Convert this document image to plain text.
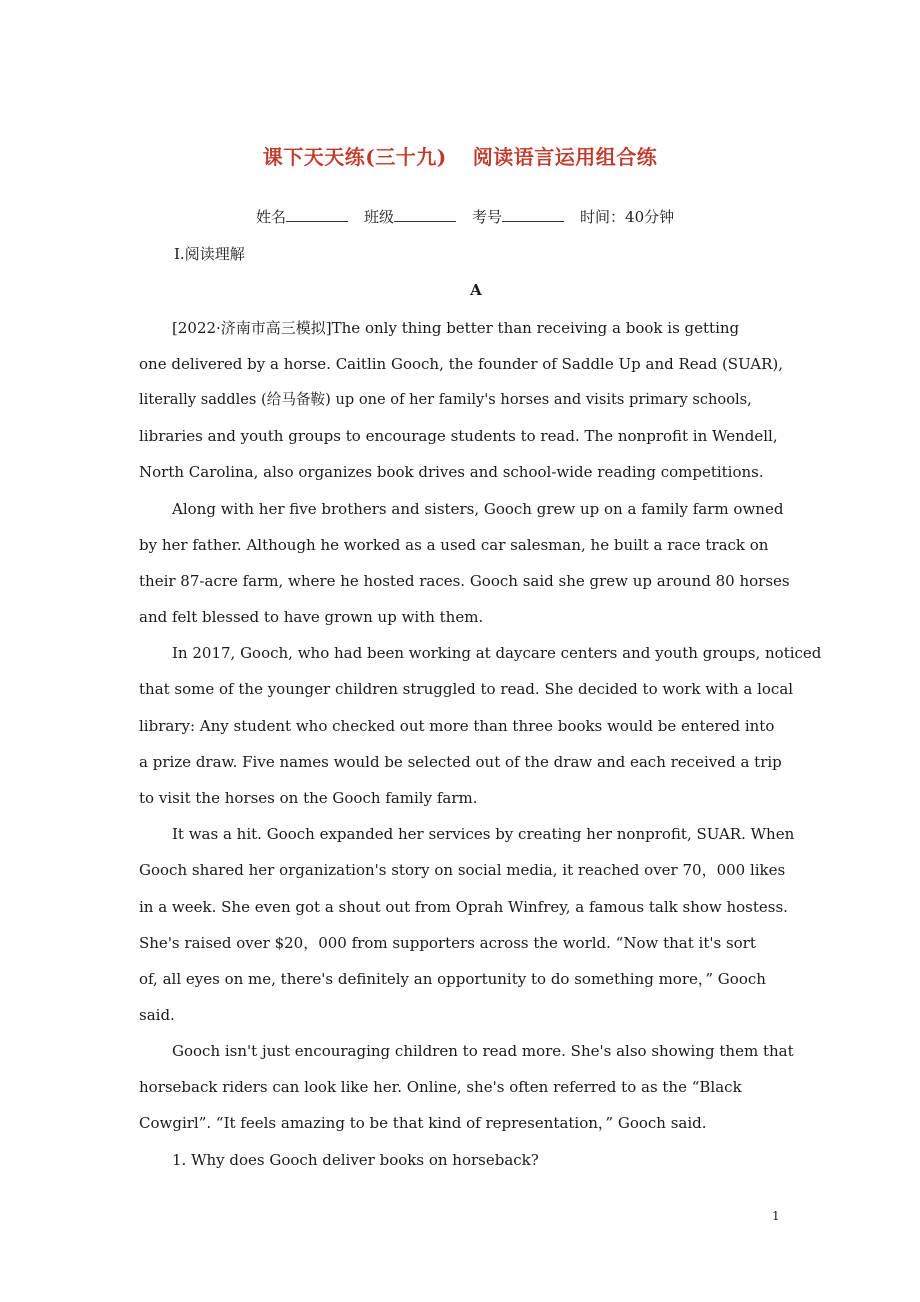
课下天天练(三十九) 阅读语言运用组合练
姓名	班级	考号	时间：40分钟
Ⅰ.阅读理解
A
[2022·济南市高三模拟]The only thing better than receiving a book is getting
one delivered by a horse. Caitlin Gooch, the founder of Saddle Up and Read (SUAR),
literally saddles (给马备鞍) up one of her family's horses and visits primary schools,
libraries and youth groups to encourage students to read. The nonprofit in Wendell,
North Carolina, also organizes book drives and school-wide reading competitions.
Along with her five brothers and sisters, Gooch grew up on a family farm owned
by her father. Although he worked as a used car salesman, he built a race track on
their 87-acre farm, where he hosted races. Gooch said she grew up around 80 horses
and felt blessed to have grown up with them.
In 2017, Gooch, who had been working at daycare centers and youth groups, noticed
that some of the younger children struggled to read. She decided to work with a local
library: Any student who checked out more than three books would be entered into
a prize draw. Five names would be selected out of the draw and each received a trip
to visit the horses on the Gooch family farm.
It was a hit. Gooch expanded her services by creating her nonprofit, SUAR. When
Gooch shared her organization's story on social media, it reached over 70，000 likes
in a week. She even got a shout out from Oprah Winfrey, a famous talk show hostess.
She's raised over $20，000 from supporters across the world. “Now that it's sort
of, all eyes on me, there's definitely an opportunity to do something more，” Gooch
said.
Gooch isn't just encouraging children to read more. She's also showing them that
horseback riders can look like her. Online, she's often referred to as the “Black
Cowgirl”. “It feels amazing to be that kind of representation，” Gooch said.
1. Why does Gooch deliver books on horseback?
1
